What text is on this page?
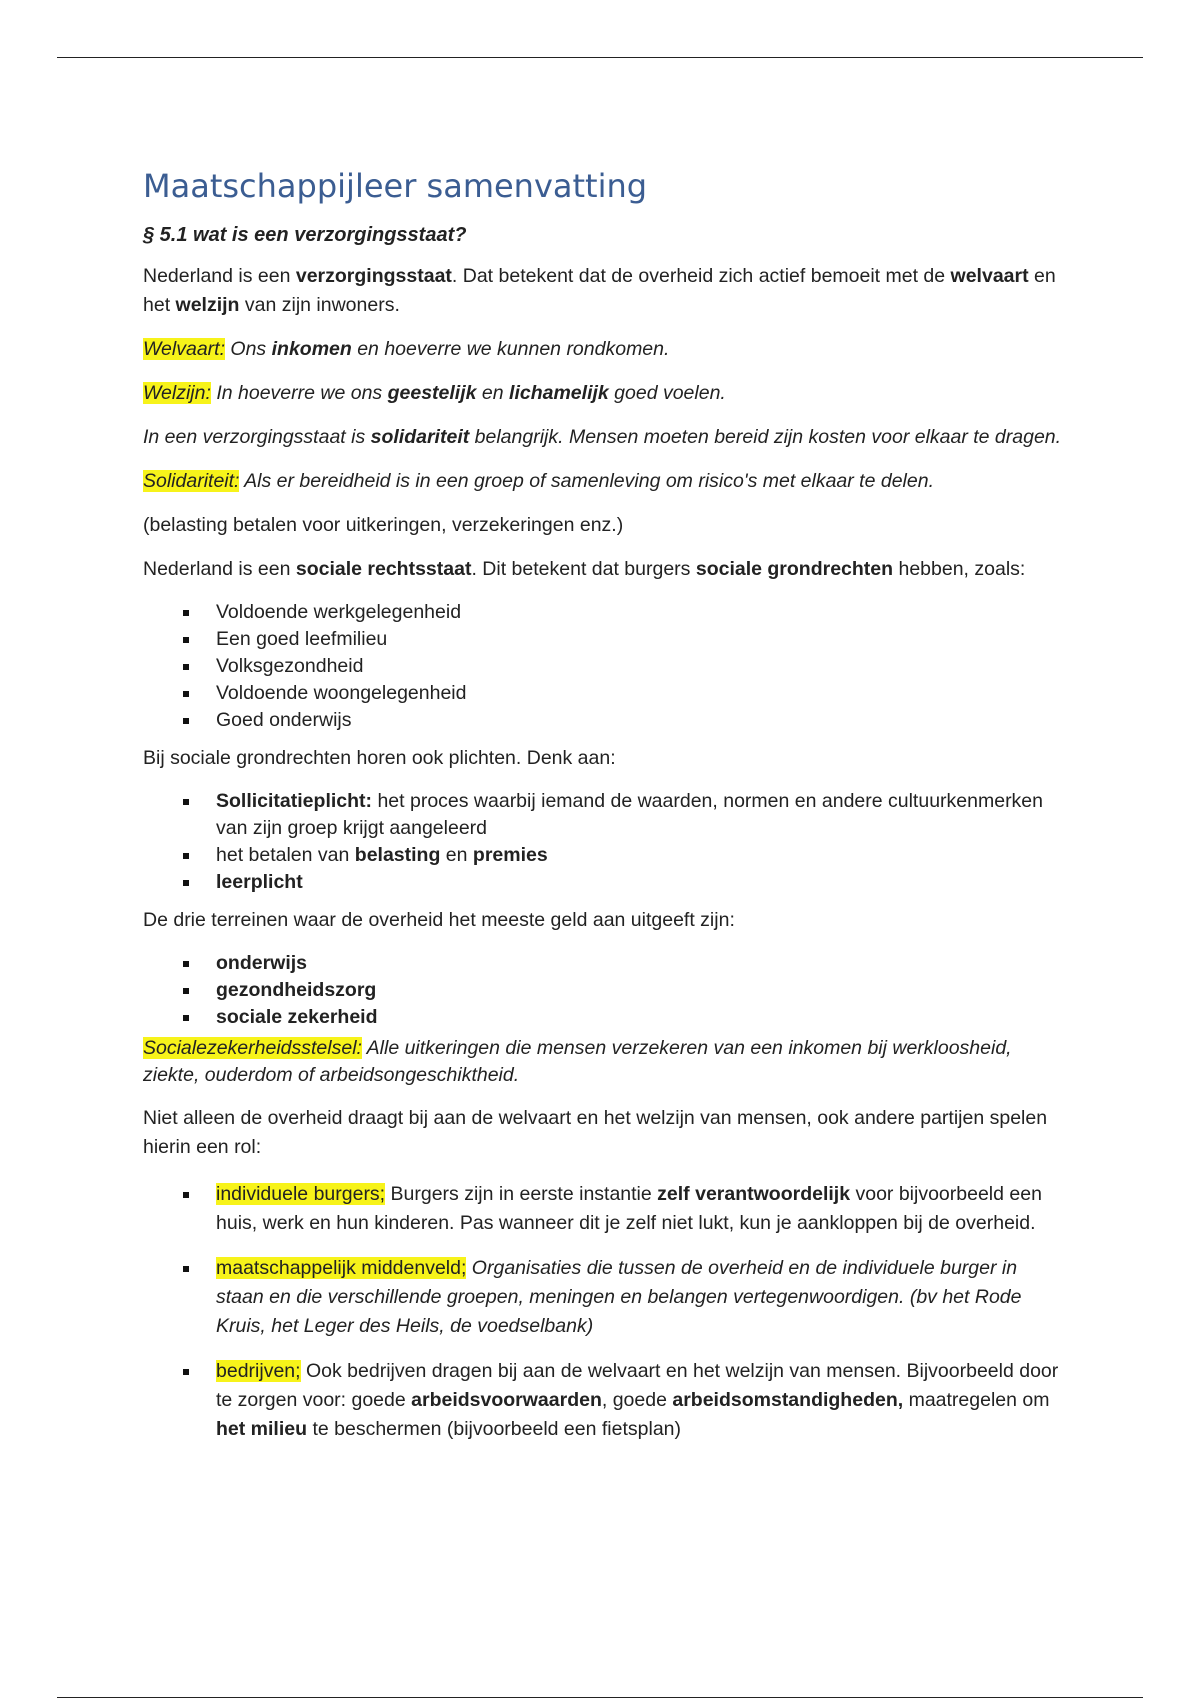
Maatschappijleer samenvatting
§ 5.1 wat is een verzorgingsstaat?

Nederland is een verzorgingsstaat. Dat betekent dat de overheid zich actief bemoeit met de welvaart en het welzijn van zijn inwoners.

Welvaart: Ons inkomen en hoeverre we kunnen rondkomen.

Welzijn: In hoeverre we ons geestelijk en lichamelijk goed voelen.

In een verzorgingsstaat is solidariteit belangrijk. Mensen moeten bereid zijn kosten voor elkaar te dragen.

Solidariteit: Als er bereidheid is in een groep of samenleving om risico's met elkaar te delen.

(belasting betalen voor uitkeringen, verzekeringen enz.)

Nederland is een sociale rechtsstaat. Dit betekent dat burgers sociale grondrechten hebben, zoals:

Voldoende werkgelegenheid
Een goed leefmilieu
Volksgezondheid
Voldoende woongelegenheid
Goed onderwijs

Bij sociale grondrechten horen ook plichten. Denk aan:

Sollicitatieplicht: het proces waarbij iemand de waarden, normen en andere cultuurkenmerken van zijn groep krijgt aangeleerd
het betalen van belasting en premies
leerplicht

De drie terreinen waar de overheid het meeste geld aan uitgeeft zijn:

onderwijs
gezondheidszorg
sociale zekerheid

Socialezekerheidsstelsel: Alle uitkeringen die mensen verzekeren van een inkomen bij werkloosheid, ziekte, ouderdom of arbeidsongeschiktheid.

Niet alleen de overheid draagt bij aan de welvaart en het welzijn van mensen, ook andere partijen spelen hierin een rol:

individuele burgers; Burgers zijn in eerste instantie zelf verantwoordelijk voor bijvoorbeeld een huis, werk en hun kinderen. Pas wanneer dit je zelf niet lukt, kun je aankloppen bij de overheid.
maatschappelijk middenveld; Organisaties die tussen de overheid en de individuele burger in staan en die verschillende groepen, meningen en belangen vertegenwoordigen. (bv het Rode Kruis, het Leger des Heils, de voedselbank)
bedrijven; Ook bedrijven dragen bij aan de welvaart en het welzijn van mensen. Bijvoorbeeld door te zorgen voor: goede arbeidsvoorwaarden, goede arbeidsomstandigheden, maatregelen om het milieu te beschermen (bijvoorbeeld een fietsplan)
